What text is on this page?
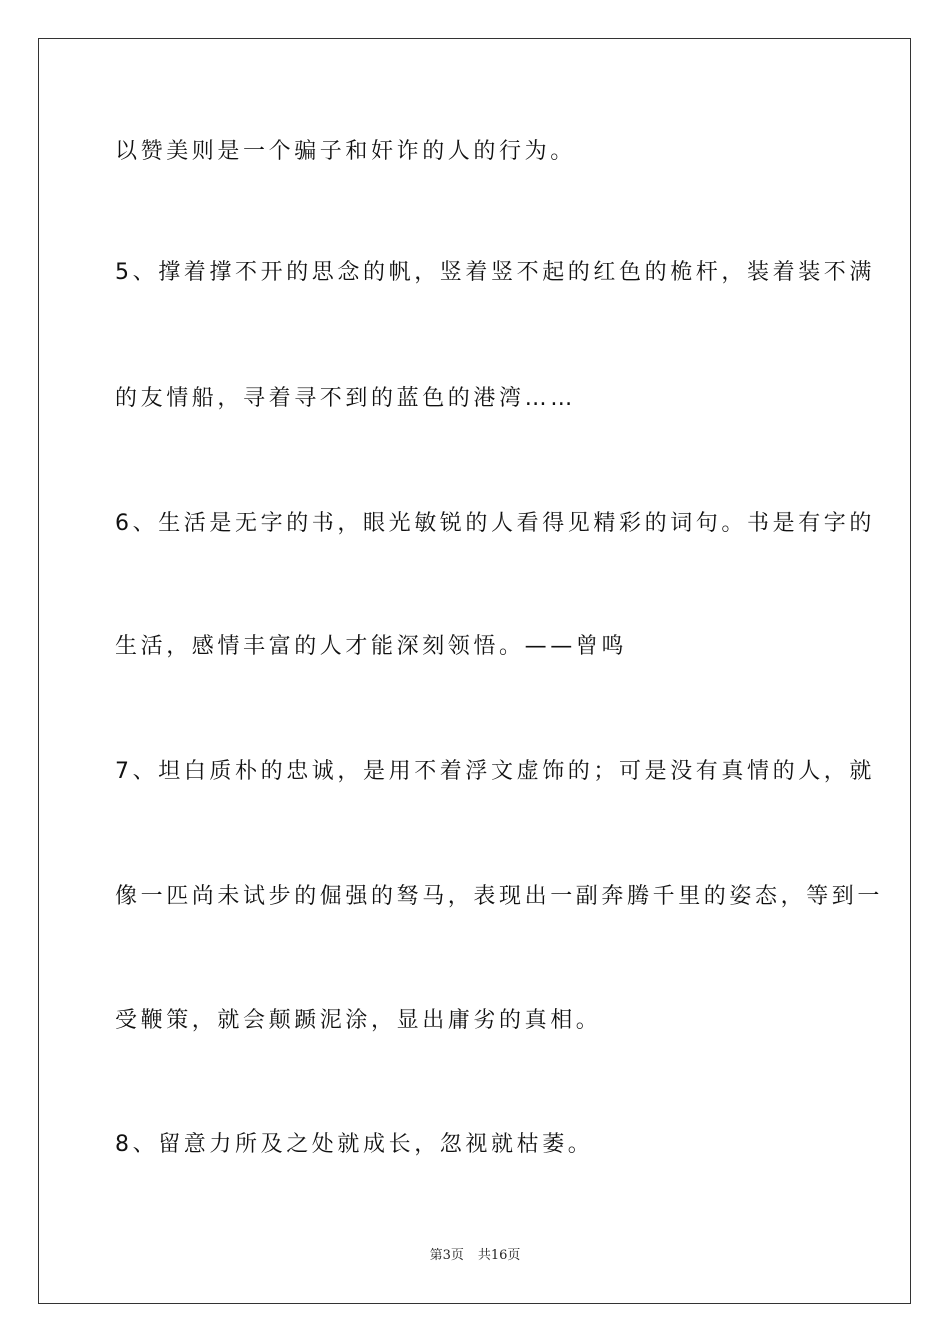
以赞美则是一个骗子和奸诈的人的行为。
5、撑着撑不开的思念的帆，竖着竖不起的红色的桅杆，装着装不满
的友情船，寻着寻不到的蓝色的港湾……
6、生活是无字的书，眼光敏锐的人看得见精彩的词句。书是有字的
生活，感情丰富的人才能深刻领悟。——曾鸣
7、坦白质朴的忠诚，是用不着浮文虚饰的；可是没有真情的人，就
像一匹尚未试步的倔强的驽马，表现出一副奔腾千里的姿态，等到一
受鞭策，就会颠踬泥涂，显出庸劣的真相。
8、留意力所及之处就成长，忽视就枯萎。
第3页 共16页
